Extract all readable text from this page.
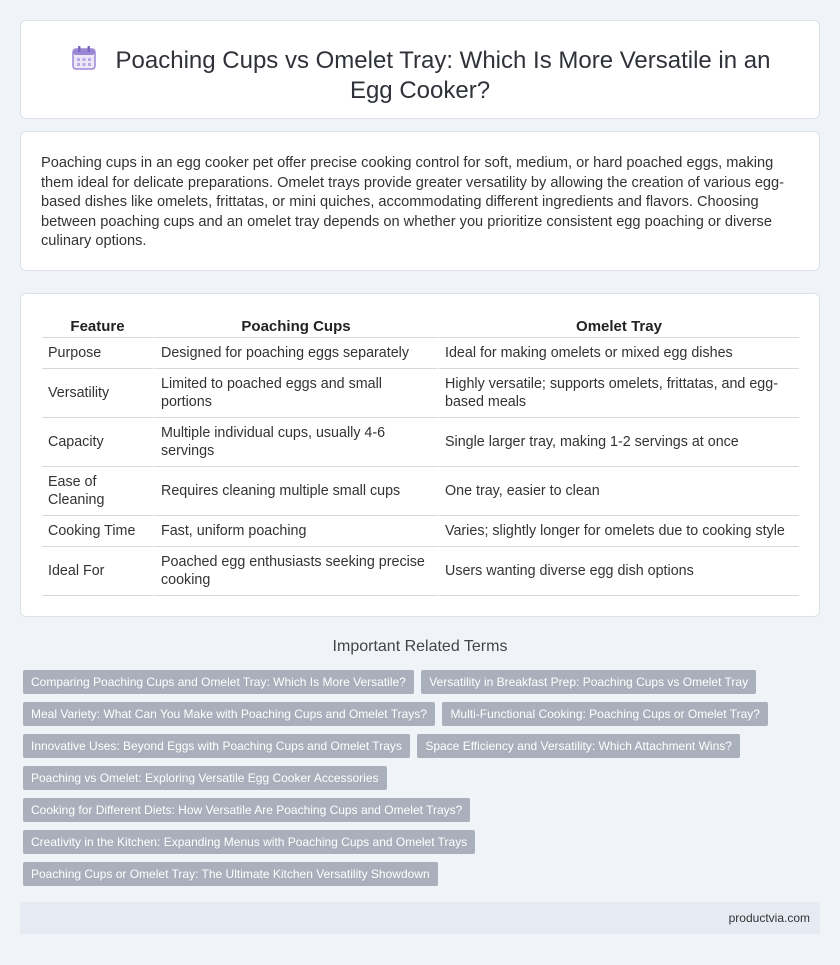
Poaching Cups vs Omelet Tray: Which Is More Versatile in an Egg Cooker?

Poaching cups in an egg cooker pet offer precise cooking control for soft, medium, or hard poached eggs, making them ideal for delicate preparations. Omelet trays provide greater versatility by allowing the creation of various egg-based dishes like omelets, frittatas, or mini quiches, accommodating different ingredients and flavors. Choosing between poaching cups and an omelet tray depends on whether you prioritize consistent egg poaching or diverse culinary options.

Feature	Poaching Cups	Omelet Tray
Purpose	Designed for poaching eggs separately	Ideal for making omelets or mixed egg dishes
Versatility	Limited to poached eggs and small portions	Highly versatile; supports omelets, frittatas, and egg-based meals
Capacity	Multiple individual cups, usually 4-6 servings	Single larger tray, making 1-2 servings at once
Ease of Cleaning	Requires cleaning multiple small cups	One tray, easier to clean
Cooking Time	Fast, uniform poaching	Varies; slightly longer for omelets due to cooking style
Ideal For	Poached egg enthusiasts seeking precise cooking	Users wanting diverse egg dish options
Important Related Terms
Comparing Poaching Cups and Omelet Tray: Which Is More Versatile? Versatility in Breakfast Prep: Poaching Cups vs Omelet Tray
Meal Variety: What Can You Make with Poaching Cups and Omelet Trays? Multi-Functional Cooking: Poaching Cups or Omelet Tray?
Innovative Uses: Beyond Eggs with Poaching Cups and Omelet Trays Space Efficiency and Versatility: Which Attachment Wins?
Poaching vs Omelet: Exploring Versatile Egg Cooker Accessories
Cooking for Different Diets: How Versatile Are Poaching Cups and Omelet Trays?
Creativity in the Kitchen: Expanding Menus with Poaching Cups and Omelet Trays
Poaching Cups or Omelet Tray: The Ultimate Kitchen Versatility Showdown
productvia.com
